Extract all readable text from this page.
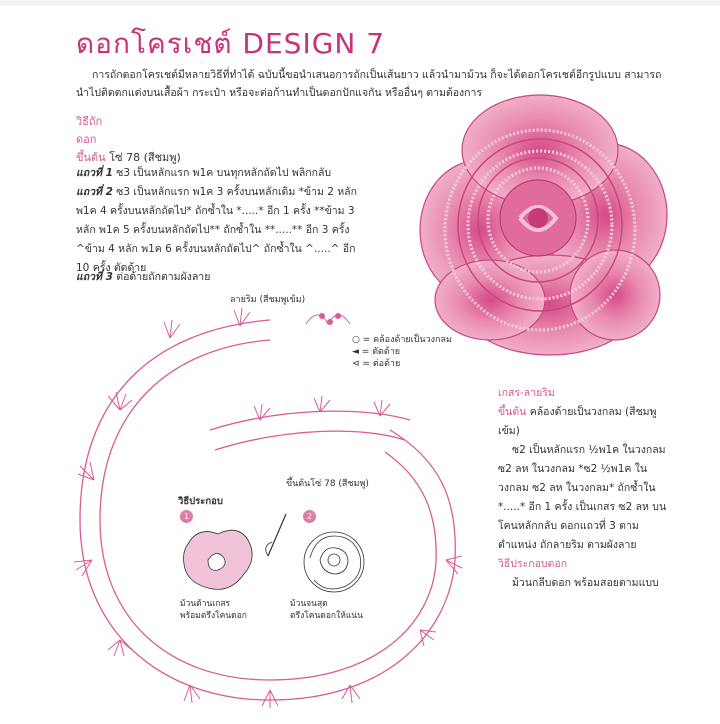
ดอกโครเชต์ DESIGN 7
การถักดอกโครเชต์มีหลายวิธีที่ทำได้ ฉบับนี้ขอนำเสนอการถักเป็นเส้นยาว แล้วนำมาม้วน ก็จะได้ดอกโครเชต์อีกรูปแบบ สามารถนำไปติดตกแต่งบนเสื้อผ้า กระเป๋า หรือจะต่อก้านทำเป็นดอกปักแจกัน หรืออื่นๆ ตามต้องการ
วิธีถัก
ดอก
ขึ้นต้น โซ่ 78 (สีชมพู)
แถวที่ 1 ซ3 เป็นหลักแรก พ1ค บนทุกหลักถัดไป พลิกกลับ
แถวที่ 2 ซ3 เป็นหลักแรก พ1ค 3 ครั้งบนหลักเดิม *ข้าม 2 หลัก พ1ค 4 ครั้งบนหลักถัดไป* ถักซ้ำใน *.....* อีก 1 ครั้ง **ข้าม 3 หลัก พ1ค 5 ครั้งบนหลักถัดไป** ถักซ้ำใน **.....** อีก 3 ครั้ง ^ข้าม 4 หลัก พ1ค 6 ครั้งบนหลักถัดไป^ ถักซ้ำใน ^.....^ อีก 10 ครั้ง ตัดด้าย
แถวที่ 3 ต่อด้ายถักตามผังลาย
ลายริม (สีชมพูเข้ม)
ขึ้นต้นโซ่ 78 (สีชมพู)
○ = คล้องด้ายเป็นวงกลม
◄ = ตัดด้าย
⊲ = ต่อด้าย
วิธีประกอบ
1	2
ม้วนด้านเกสร
พร้อมตรึงโคนดอก
ม้วนจนสุด
ตรึงโคนดอกให้แน่น
เกสร-ลายริม
ขึ้นต้น คล้องด้ายเป็นวงกลม (สีชมพูเข้ม)
ซ2 เป็นหลักแรก ½พ1ค ในวงกลม ซ2 ลห ในวงกลม *ซ2 ½พ1ค ในวงกลม ซ2 ลห ในวงกลม* ถักซ้ำใน *.....* อีก 1 ครั้ง เป็นเกสร ซ2 ลห บนโคนหลักกลับ ดอกแถวที่ 3 ตามตำแหน่ง ถักลายริม ตามผังลาย
วิธีประกอบดอก
ม้วนกลีบดอก พร้อมสอยตามแบบ
